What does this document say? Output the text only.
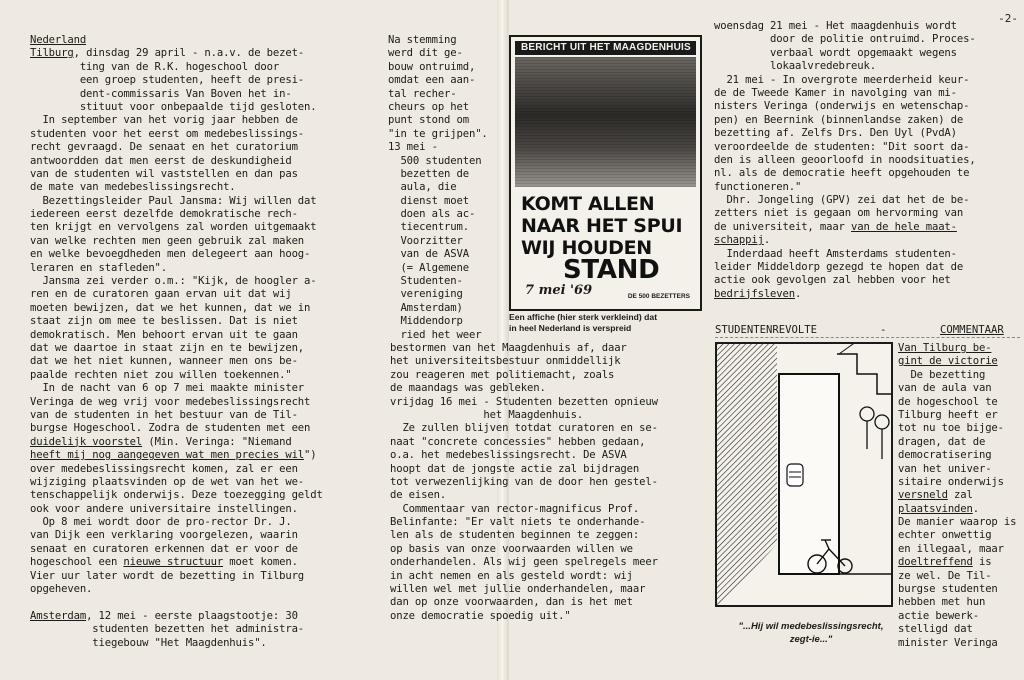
-2-
Nederland
Tilburg, dinsdag 29 april - n.a.v. de bezet-
ting van de R.K. hogeschool door
een groep studenten, heeft de presi-
dent-commissaris Van Boven het in-
stituut voor onbepaalde tijd gesloten.
In september van het vorig jaar hebben de
studenten voor het eerst om medebeslissings-
recht gevraagd. De senaat en het curatorium
antwoordden dat men eerst de deskundigheid
van de studenten wil vaststellen en dan pas
de mate van medebeslissingsrecht.
Bezettingsleider Paul Jansma: Wij willen dat
iedereen eerst dezelfde demokratische rech-
ten krijgt en vervolgens zal worden uitgemaakt
van welke rechten men geen gebruik zal maken
en welke bevoegdheden men delegeert aan hoog-
leraren en stafleden".
Jansma zei verder o.m.: "Kijk, de hoogler a-
ren en de curatoren gaan ervan uit dat wij
moeten bewijzen, dat we het kunnen, dat we in
staat zijn om mee te beslissen. Dat is niet
demokratisch. Men behoort ervan uit te gaan
dat we daartoe in staat zijn en te bewijzen,
dat we het niet kunnen, wanneer men ons be-
paalde rechten niet zou willen toekennen."
In de nacht van 6 op 7 mei maakte minister
Veringa de weg vrij voor medebeslissingsrecht
van de studenten in het bestuur van de Til-
burgse Hogeschool. Zodra de studenten met een
duidelijk voorstel (Min. Veringa: "Niemand
heeft mij nog aangegeven wat men precies wil")
over medebeslissingsrecht komen, zal er een
wijziging plaatsvinden op de wet van het we-
tenschappelijk onderwijs. Deze toezegging geldt
ook voor andere universitaire instellingen.
Op 8 mei wordt door de pro-rector Dr. J.
van Dijk een verklaring voorgelezen, waarin
senaat en curatoren erkennen dat er voor de
hogeschool een nieuwe structuur moet komen.
Vier uur later wordt de bezetting in Tilburg
opgeheven.
Amsterdam, 12 mei - eerste plaagstootje: 30
studenten bezetten het administra-
tiegebouw "Het Maagdenhuis".
Na stemming
werd dit ge-
bouw ontruimd,
omdat een aan-
tal recher-
cheurs op het
punt stond om
"in te grijpen".
13 mei -
500 studenten
bezetten de
aula, die
dienst moet
doen als ac-
tiecentrum.
Voorzitter
van de ASVA
(= Algemene
Studenten-
vereniging
Amsterdam)
Middendorp
ried het weer
bestormen van het Maagdenhuis af, daar
het universiteitsbestuur onmiddellijk
zou reageren met politiemacht, zoals
de maandags was gebleken.
vrijdag 16 mei - Studenten bezetten opnieuw
het Maagdenhuis.
Ze zullen blijven totdat curatoren en se-
naat "concrete concessies" hebben gedaan,
o.a. het medebeslissingsrecht. De ASVA
hoopt dat de jongste actie zal bijdragen
tot verwezenlijking van de door hen gestel-
de eisen.
Commentaar van rector-magnificus Prof.
Belinfante: "Er valt niets te onderhande-
len als de studenten beginnen te zeggen:
op basis van onze voorwaarden willen we
onderhandelen. Als wij geen spelregels meer
in acht nemen en als gesteld wordt: wij
willen wel met jullie onderhandelen, maar
dan op onze voorwaarden, dan is het met
onze democratie spoedig uit."
woensdag 21 mei - Het maagdenhuis wordt
door de politie ontruimd. Proces-
verbaal wordt opgemaakt wegens
lokaalvredebreuk.
21 mei - In overgrote meerderheid keur-
de de Tweede Kamer in navolging van mi-
nisters Veringa (onderwijs en wetenschap-
pen) en Beernink (binnenlandse zaken) de
bezetting af. Zelfs Drs. Den Uyl (PvdA)
veroordeelde de studenten: "Dit soort da-
den is alleen geoorloofd in noodsituaties,
nl. als de democratie heeft opgehouden te
functioneren."
Dhr. Jongeling (GPV) zei dat het de be-
zetters niet is gegaan om hervorming van
de universiteit, maar van de hele maat-
schappij.
Inderdaad heeft Amsterdams studenten-
leider Middeldorp gezegd te hopen dat de
actie ook gevolgen zal hebben voor het
bedrijfsleven.
Van Tilburg be-
gint de victorie
De bezetting
van de aula van
de hogeschool te
Tilburg heeft er
tot nu toe bijge-
dragen, dat de
democratisering
van het univer-
sitaire onderwijs
versneld zal
plaatsvinden.
De manier waarop is
echter onwettig
en illegaal, maar
doeltreffend is
ze wel. De Til-
burgse studenten
hebben met hun
actie bewerk-
stelligd dat
minister Veringa
BERICHT UIT HET MAAGDENHUIS
KOMT ALLEN
NAAR HET SPUI
WIJ HOUDEN
STAND
7 mei '69	DE 500 BEZETTERS
Een affiche (hier sterk verkleind) dat
in heel Nederland is verspreid	STUDENTENREVOLTE	-	COMMENTAAR
"...Hij wil medebeslissingsrecht,
zegt-ie..."
